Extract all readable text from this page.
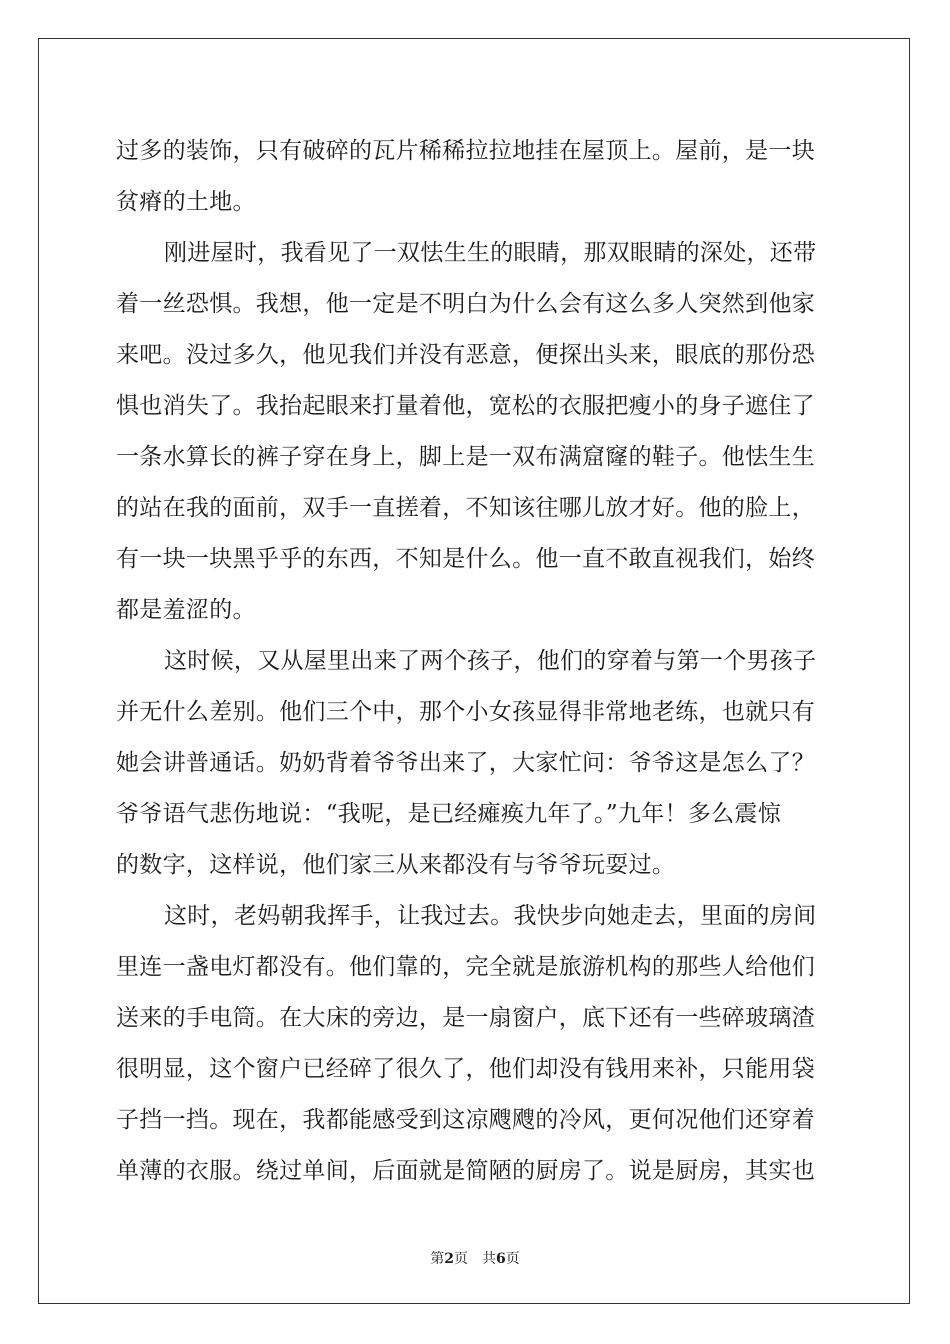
过多的装饰，只有破碎的瓦片稀稀拉拉地挂在屋顶上。屋前，是一块
贫瘠的土地。
刚进屋时，我看见了一双怯生生的眼睛，那双眼睛的深处，还带
着一丝恐惧。我想，他一定是不明白为什么会有这么多人突然到他家
来吧。没过多久，他见我们并没有恶意，便探出头来，眼底的那份恐
惧也消失了。我抬起眼来打量着他，宽松的衣服把瘦小的身子遮住了
一条水算长的裤子穿在身上，脚上是一双布满窟窿的鞋子。他怯生生
的站在我的面前，双手一直搓着，不知该往哪儿放才好。他的脸上，
有一块一块黑乎乎的东西，不知是什么。他一直不敢直视我们，始终
都是羞涩的。
这时候，又从屋里出来了两个孩子，他们的穿着与第一个男孩子
并无什么差别。他们三个中，那个小女孩显得非常地老练，也就只有
她会讲普通话。奶奶背着爷爷出来了，大家忙问：爷爷这是怎么了？
爷爷语气悲伤地说：“我呢，是已经瘫痪九年了。”九年！多么震惊
的数字，这样说，他们家三从来都没有与爷爷玩耍过。
这时，老妈朝我挥手，让我过去。我快步向她走去，里面的房间
里连一盏电灯都没有。他们靠的，完全就是旅游机构的那些人给他们
送来的手电筒。在大床的旁边，是一扇窗户，底下还有一些碎玻璃渣
很明显，这个窗户已经碎了很久了，他们却没有钱用来补，只能用袋
子挡一挡。现在，我都能感受到这凉飕飕的冷风，更何况他们还穿着
单薄的衣服。绕过单间，后面就是简陋的厨房了。说是厨房，其实也
第2页　共6页
